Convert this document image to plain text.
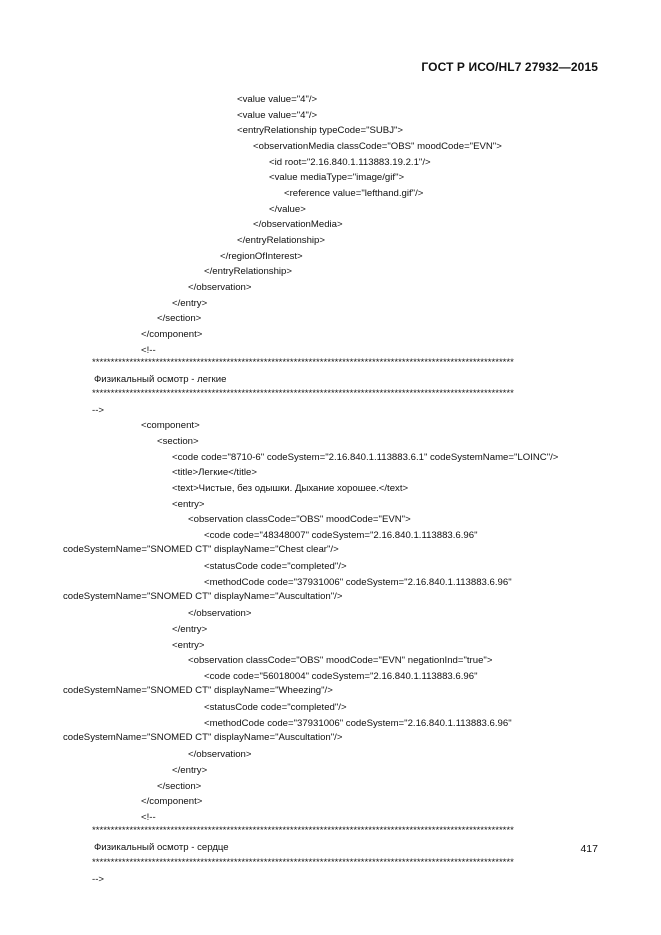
ГОСТ Р ИСО/HL7 27932—2015
<value value="4"/>
<value value="4"/>
<entryRelationship typeCode="SUBJ">
<observationMedia classCode="OBS" moodCode="EVN">
<id root="2.16.840.1.113883.19.2.1"/>
<value mediaType="image/gif">
<reference value="lefthand.gif"/>
</value>
</observationMedia>
</entryRelationship>
</regionOfInterest>
</entryRelationship>
</observation>
</entry>
</section>
</component>
<!--
*****************************************************************************************************************
Физикальный осмотр - легкие
*****************************************************************************************************************
-->
<component>
<section>
<code code="8710-6" codeSystem="2.16.840.1.113883.6.1" codeSystemName="LOINC"/>
<title>Легкие</title>
<text>Чистые, без одышки. Дыхание хорошее.</text>
<entry>
<observation classCode="OBS" moodCode="EVN">
<code code="48348007" codeSystem="2.16.840.1.113883.6.96"
codeSystemName="SNOMED CT" displayName="Chest clear"/>
<statusCode code="completed"/>
<methodCode code="37931006" codeSystem="2.16.840.1.113883.6.96"
codeSystemName="SNOMED CT" displayName="Auscultation"/>
</observation>
</entry>
<entry>
<observation classCode="OBS" moodCode="EVN" negationInd="true">
<code code="56018004" codeSystem="2.16.840.1.113883.6.96"
codeSystemName="SNOMED CT" displayName="Wheezing"/>
<statusCode code="completed"/>
<methodCode code="37931006" codeSystem="2.16.840.1.113883.6.96"
codeSystemName="SNOMED CT" displayName="Auscultation"/>
</observation>
</entry>
</section>
</component>
<!--
*****************************************************************************************************************
Физикальный осмотр - сердце
*****************************************************************************************************************
-->
417
